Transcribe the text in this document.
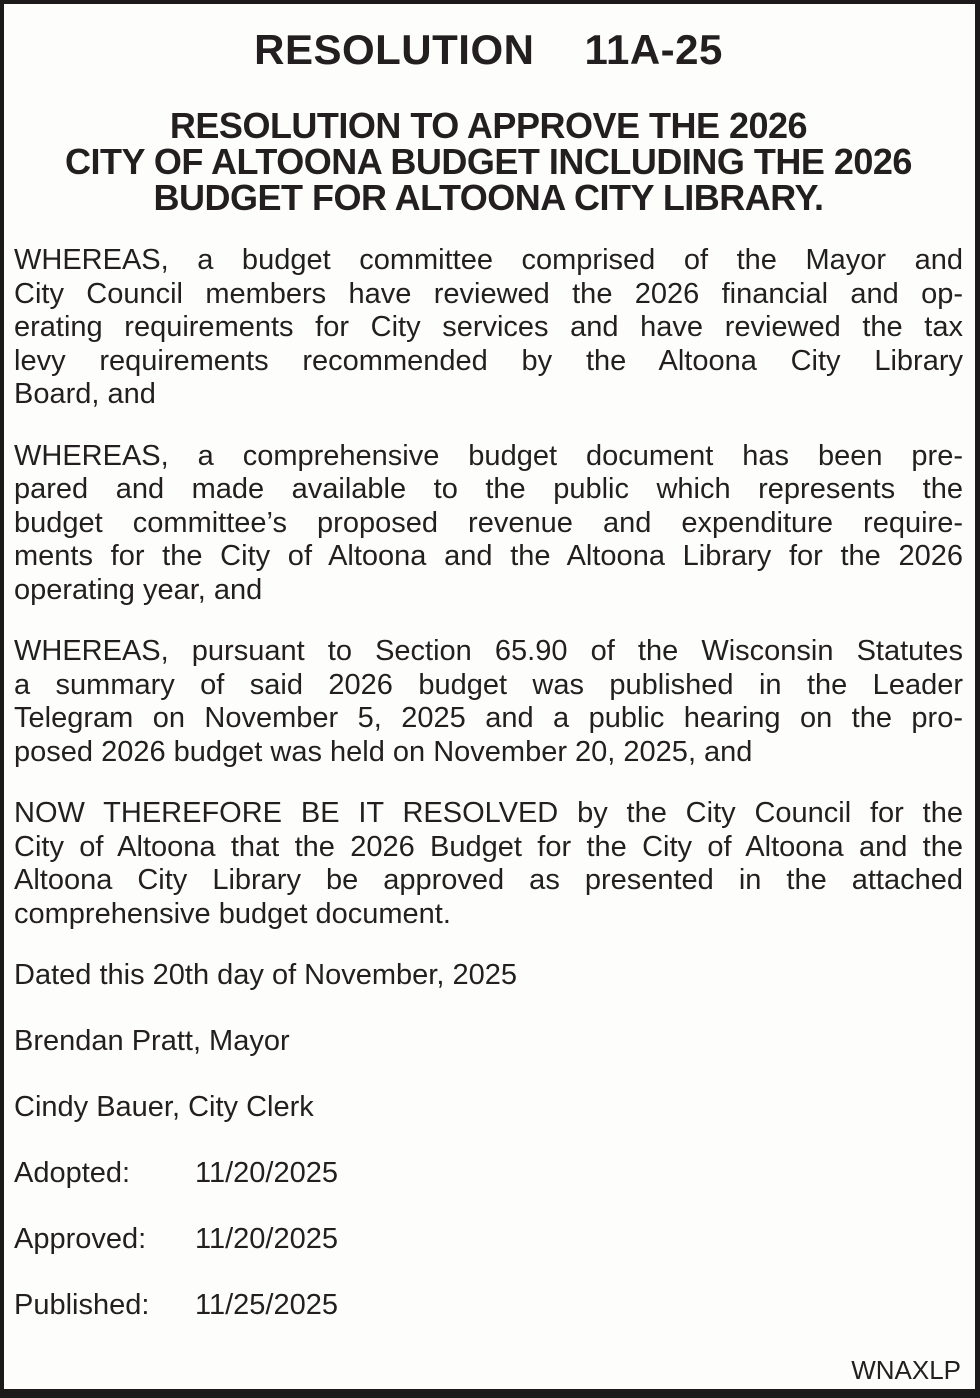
RESOLUTION 11A-25
RESOLUTION TO APPROVE THE 2026
CITY OF ALTOONA BUDGET INCLUDING THE 2026
BUDGET FOR ALTOONA CITY LIBRARY.
WHEREAS, a budget committee comprised of the Mayor and
City Council members have reviewed the 2026 financial and op-
erating requirements for City services and have reviewed the tax
levy requirements recommended by the Altoona City Library
Board, and
WHEREAS, a comprehensive budget document has been pre-
pared and made available to the public which represents the
budget committee’s proposed revenue and expenditure require-
ments for the City of Altoona and the Altoona Library for the 2026
operating year, and
WHEREAS, pursuant to Section 65.90 of the Wisconsin Statutes
a summary of said 2026 budget was published in the Leader
Telegram on November 5, 2025 and a public hearing on the pro-
posed 2026 budget was held on November 20, 2025, and
NOW THEREFORE BE IT RESOLVED by the City Council for the
City of Altoona that the 2026 Budget for the City of Altoona and the
Altoona City Library be approved as presented in the attached
comprehensive budget document.
Dated this 20th day of November, 2025
Brendan Pratt, Mayor
Cindy Bauer, City Clerk
Adopted: 11/20/2025
Approved: 11/20/2025
Published: 11/25/2025
WNAXLP
